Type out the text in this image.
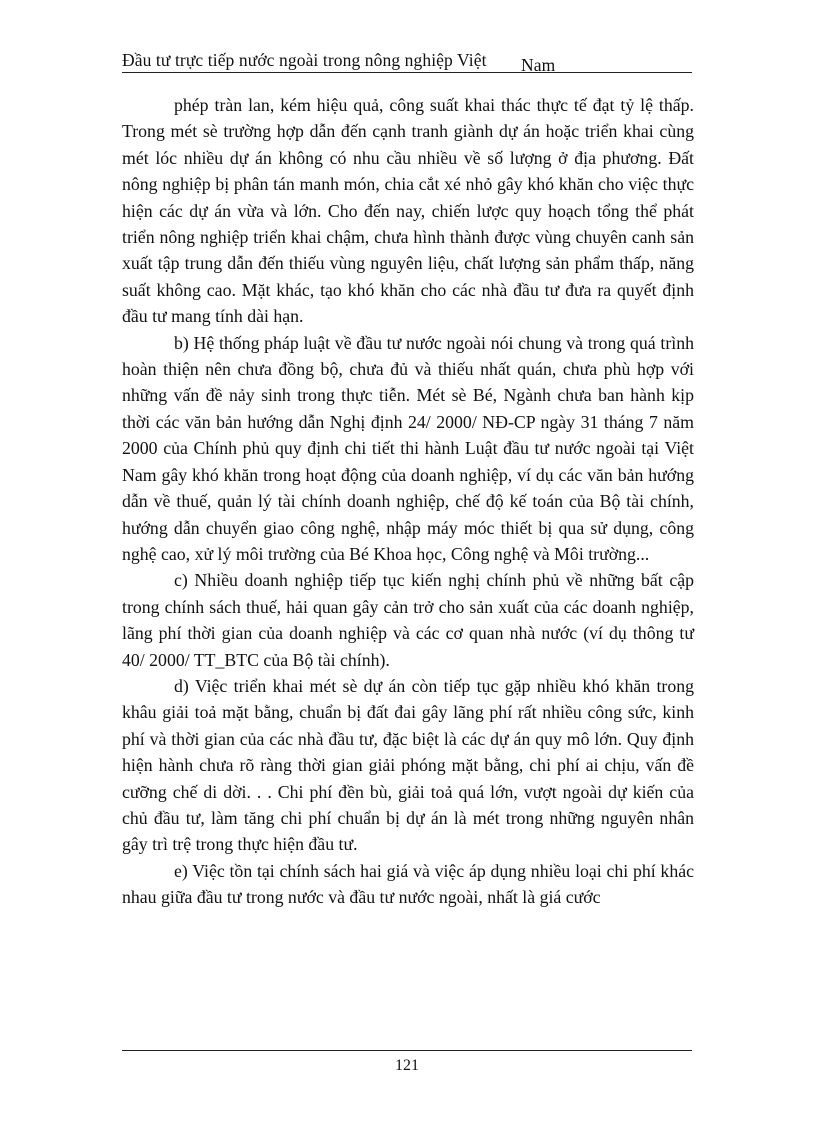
Đầu tư trực tiếp nước ngoài trong nông nghiệp Việt Nam

phép tràn lan, kém hiệu quả, công suất khai thác thực tế đạt tỷ lệ thấp. Trong mét sè trường hợp dẫn đến cạnh tranh giành dự án hoặc triển khai cùng mét lóc nhiều dự án không có nhu cầu nhiều về số lượng ở địa phương. Đất nông nghiệp bị phân tán manh món, chia cắt xé nhỏ gây khó khăn cho việc thực hiện các dự án vừa và lớn. Cho đến nay, chiến lược quy hoạch tổng thể phát triển nông nghiệp triển khai chậm, chưa hình thành được vùng chuyên canh sản xuất tập trung dẫn đến thiếu vùng nguyên liệu, chất lượng sản phẩm thấp, năng suất không cao. Mặt khác, tạo khó khăn cho các nhà đầu tư đưa ra quyết định đầu tư mang tính dài hạn.

b) Hệ thống pháp luật về đầu tư nước ngoài nói chung và trong quá trình hoàn thiện nên chưa đồng bộ, chưa đủ và thiếu nhất quán, chưa phù hợp với những vấn đề nảy sinh trong thực tiễn. Mét sè Bé, Ngành chưa ban hành kịp thời các văn bản hướng dẫn Nghị định 24/ 2000/ NĐ-CP ngày 31 tháng 7 năm 2000 của Chính phủ quy định chi tiết thi hành Luật đầu tư nước ngoài tại Việt Nam gây khó khăn trong hoạt động của doanh nghiệp, ví dụ các văn bản hướng dẫn về thuế, quản lý tài chính doanh nghiệp, chế độ kế toán của Bộ tài chính, hướng dẫn chuyển giao công nghệ, nhập máy móc thiết bị qua sử dụng, công nghệ cao, xử lý môi trường của Bé Khoa học, Công nghệ và Môi trường...

c) Nhiều doanh nghiệp tiếp tục kiến nghị chính phủ về những bất cập trong chính sách thuế, hải quan gây cản trở cho sản xuất của các doanh nghiệp, lãng phí thời gian của doanh nghiệp và các cơ quan nhà nước (ví dụ thông tư 40/ 2000/ TT_BTC của Bộ tài chính).

d) Việc triển khai mét sè dự án còn tiếp tục gặp nhiều khó khăn trong khâu giải toả mặt bằng, chuẩn bị đất đai gây lãng phí rất nhiều công sức, kinh phí và thời gian của các nhà đầu tư, đặc biệt là các dự án quy mô lớn. Quy định hiện hành chưa rõ ràng thời gian giải phóng mặt bằng, chi phí ai chịu, vấn đề cưỡng chế di dời. . . Chi phí đền bù, giải toả quá lớn, vượt ngoài dự kiến của chủ đầu tư, làm tăng chi phí chuẩn bị dự án là mét trong những nguyên nhân gây trì trệ trong thực hiện đầu tư.

e) Việc tồn tại chính sách hai giá và việc áp dụng nhiều loại chi phí khác nhau giữa đầu tư trong nước và đầu tư nước ngoài, nhất là giá cước

121
